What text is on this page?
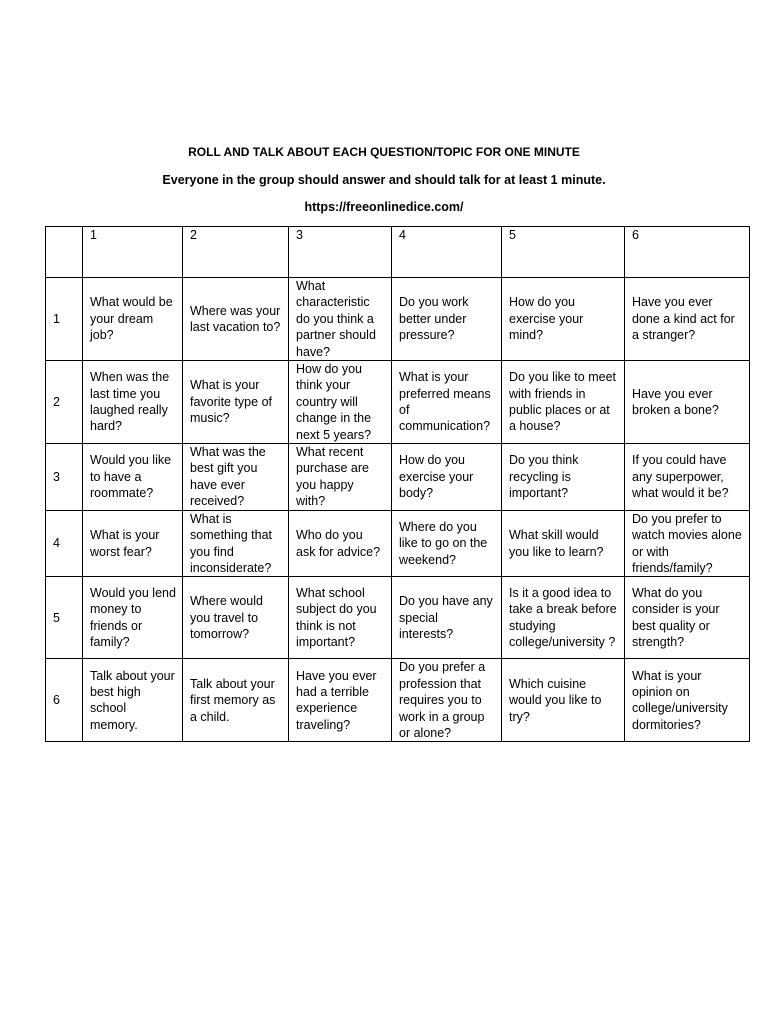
ROLL AND TALK ABOUT EACH QUESTION/TOPIC FOR ONE MINUTE
Everyone in the group should answer and should talk for at least 1 minute.
https://freeonlinedice.com/
	1	2	3	4	5	6
1	What would be your dream job?	Where was your last vacation to?	What characteristic do you think a partner should have?	Do you work better under pressure?	How do you exercise your mind?	Have you ever done a kind act for a stranger?
2	When was the last time you laughed really hard?	What is your favorite type of music?	How do you think your country will change in the next 5 years?	What is your preferred means of communication?	Do you like to meet with friends in public places or at a house?	Have you ever broken a bone?
3	Would you like to have a roommate?	What was the best gift you have ever received?	What recent purchase are you happy with?	How do you exercise your body?	Do you think recycling is important?	If you could have any superpower, what would it be?
4	What is your worst fear?	What is something that you find inconsiderate?	Who do you ask for advice?	Where do you like to go on the weekend?	What skill would you like to learn?	Do you prefer to watch movies alone or with friends/family?
5	Would you lend money to friends or family?	Where would you travel to tomorrow?	What school subject do you think is not important?	Do you have any special interests?	Is it a good idea to take a break before studying college/university ?	What do you consider is your best quality or strength?
6	Talk about your best high school memory.	Talk about your first memory as a child.	Have you ever had a terrible experience traveling?	Do you prefer a profession that requires you to work in a group or alone?	Which cuisine would you like to try?	What is your opinion on college/university dormitories?
